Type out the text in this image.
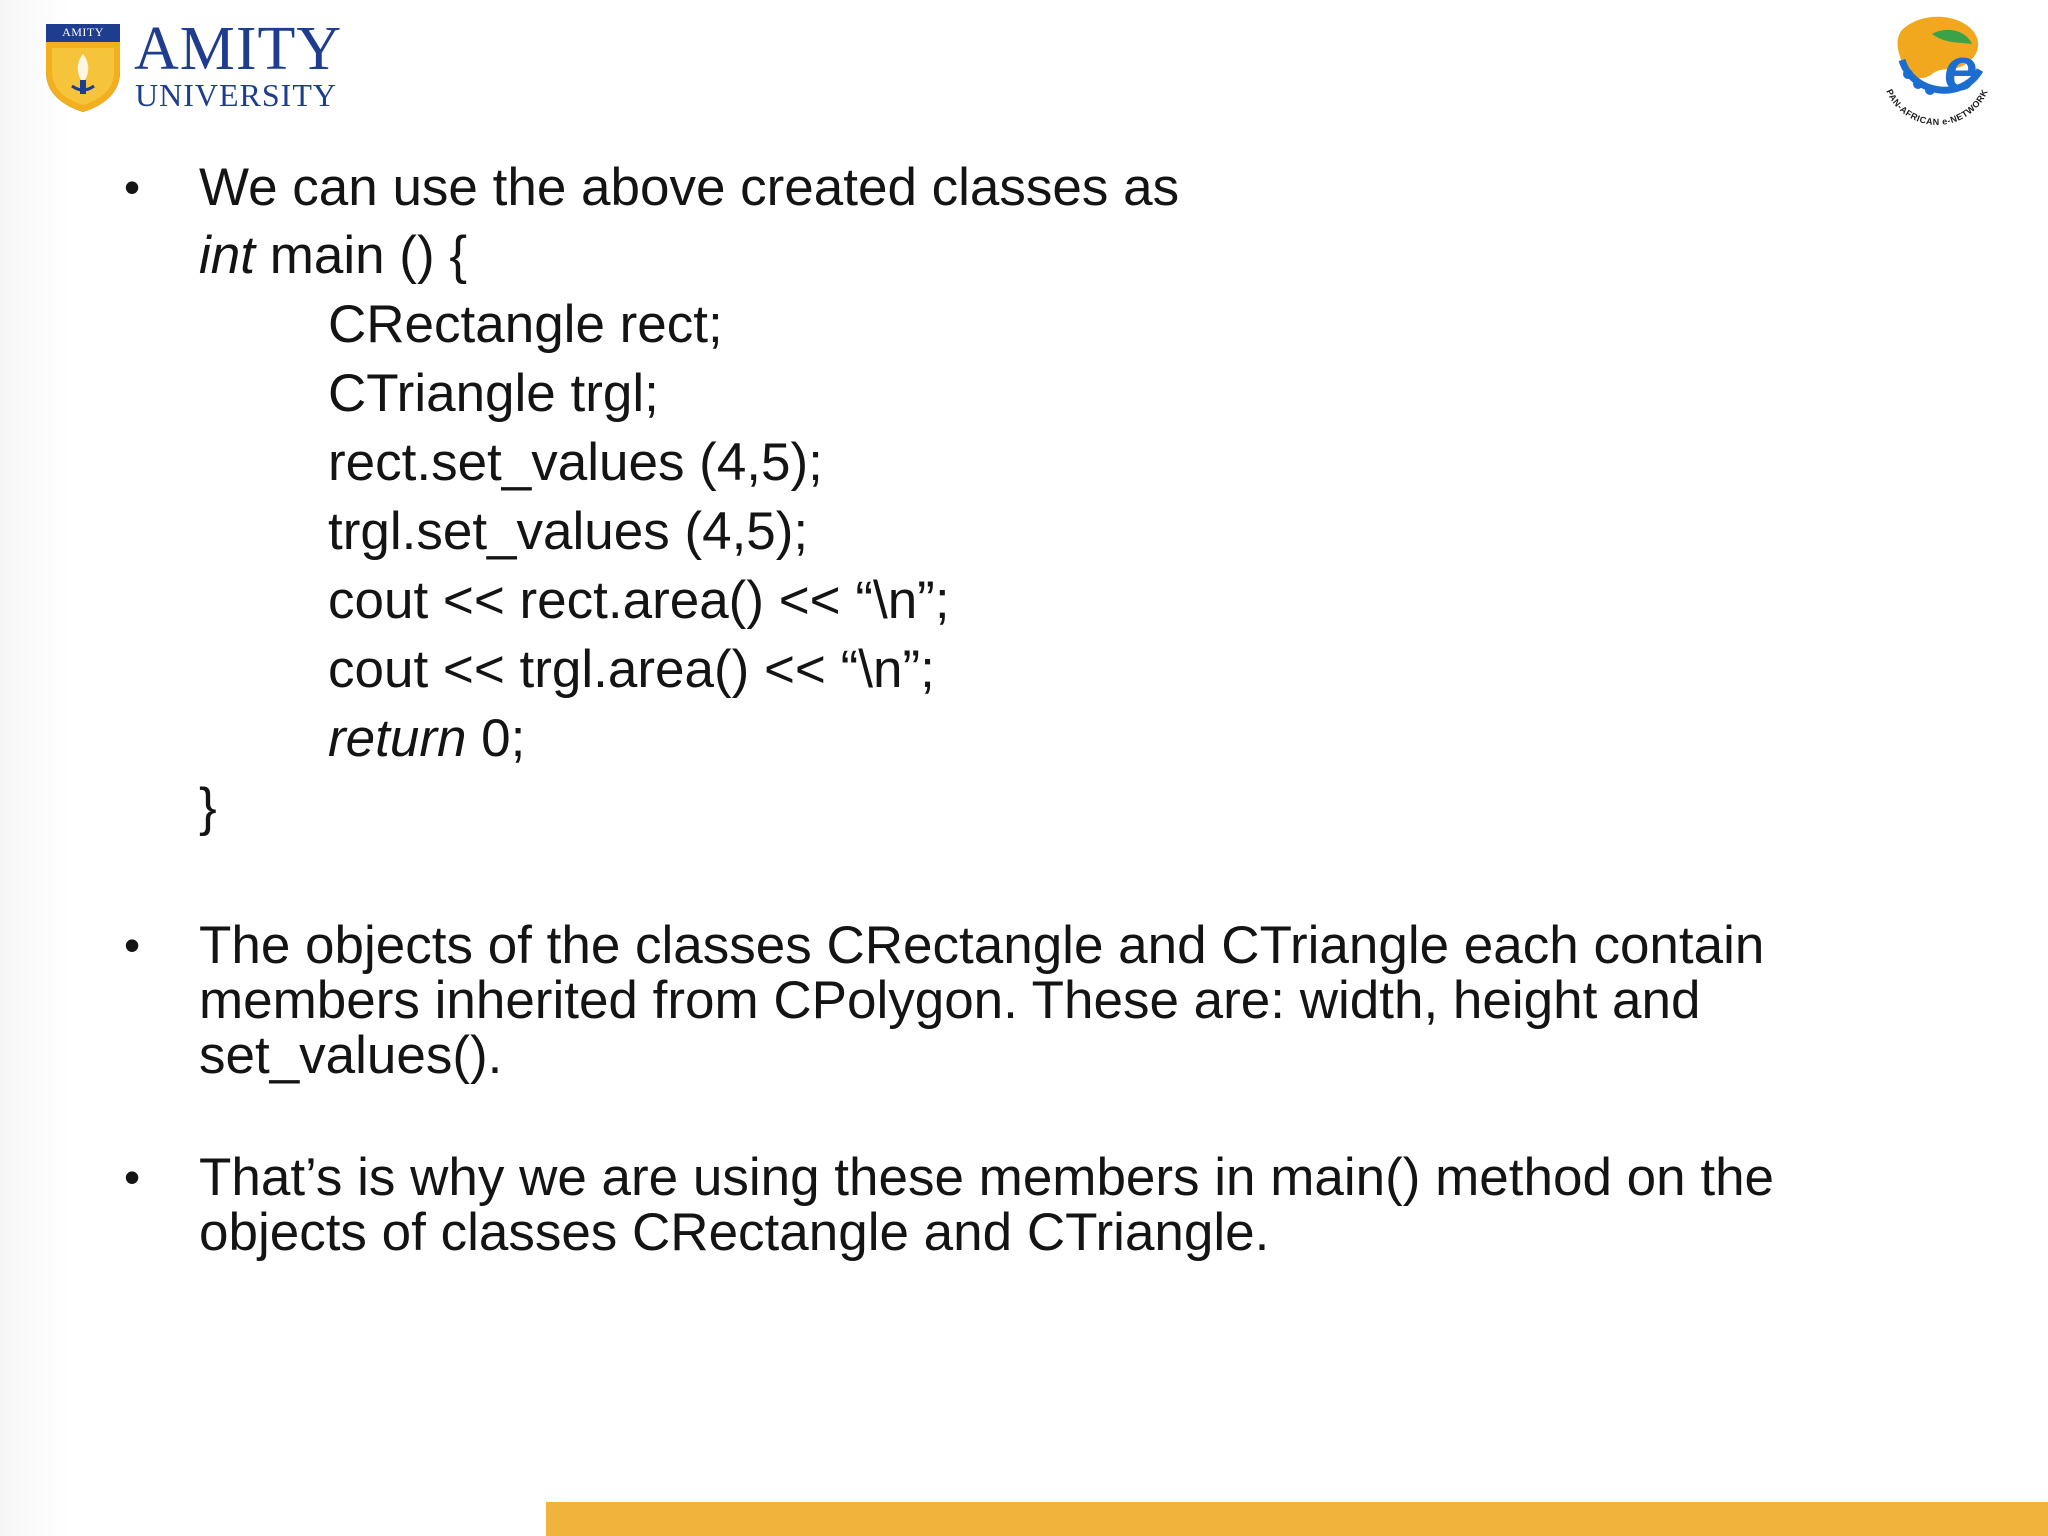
AMITY AMITY
UNIVERSITY	e
PAN-AFRICAN e-NETWORK
• We can use the above created classes as
int main () {
CRectangle rect;
CTriangle trgl;
rect.set_values (4,5);
trgl.set_values (4,5);
cout << rect.area() << “\n”;
cout << trgl.area() << “\n”;
return 0;
}
• The objects of the classes CRectangle and CTriangle each contain
members inherited from CPolygon. These are: width, height and
set_values().
• That’s is why we are using these members in main() method on the
objects of classes CRectangle and CTriangle.
